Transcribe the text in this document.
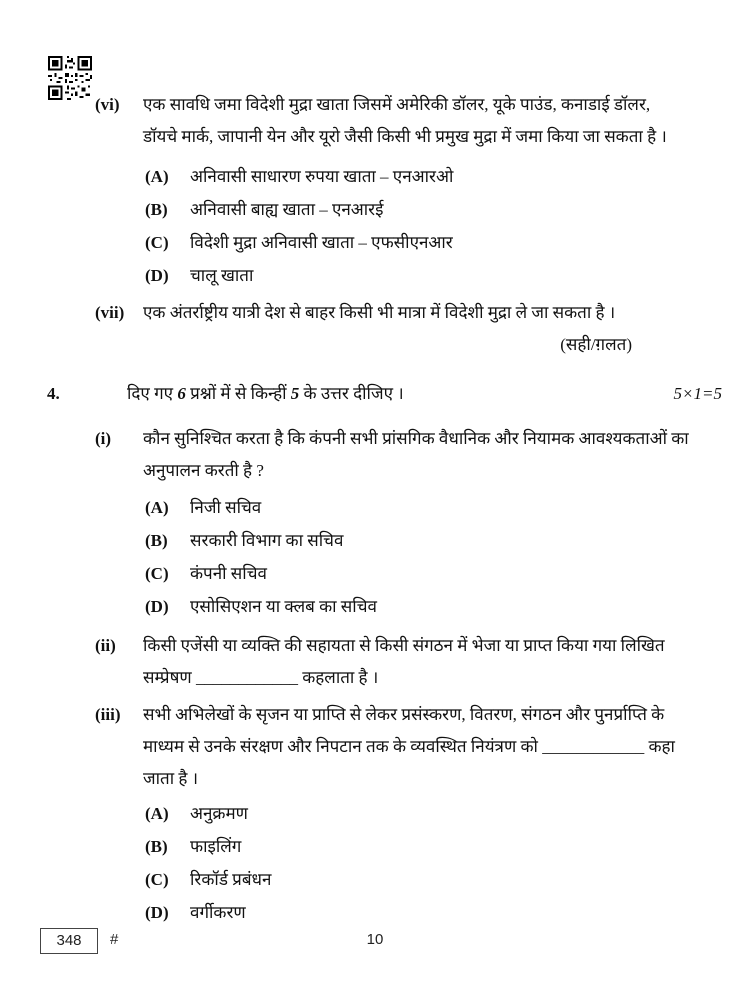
(vi)	एक सावधि जमा विदेशी मुद्रा खाता जिसमें अमेरिकी डॉलर, यूके पाउंड, कनाडाई डॉलर,
डॉयचे मार्क, जापानी येन और यूरो जैसी किसी भी प्रमुख मुद्रा में जमा किया जा सकता है ।
(A)	अनिवासी साधारण रुपया खाता – एनआरओ
(B)	अनिवासी बाह्य खाता – एनआरई
(C)	विदेशी मुद्रा अनिवासी खाता – एफसीएनआर
(D)	चालू खाता
(vii)	एक अंतर्राष्ट्रीय यात्री देश से बाहर किसी भी मात्रा में विदेशी मुद्रा ले जा सकता है ।
(सही/ग़लत)
4.	दिए गए 6 प्रश्नों में से किन्हीं 5 के उत्तर दीजिए ।	5×1=5
(i)	कौन सुनिश्चित करता है कि कंपनी सभी प्रांसगिक वैधानिक और नियामक आवश्यकताओं का
अनुपालन करती है ?
(A)	निजी सचिव
(B)	सरकारी विभाग का सचिव
(C)	कंपनी सचिव
(D)	एसोसिएशन या क्लब का सचिव
(ii)	किसी एजेंसी या व्यक्ति की सहायता से किसी संगठन में भेजा या प्राप्त किया गया लिखित
सम्प्रेषण ____________ कहलाता है ।
(iii)	सभी अभिलेखों के सृजन या प्राप्ति से लेकर प्रसंस्करण, वितरण, संगठन और पुनर्प्राप्ति के
माध्यम से उनके संरक्षण और निपटान तक के व्यवस्थित नियंत्रण को ____________ कहा
जाता है ।
(A)	अनुक्रमण
(B)	फाइलिंग
(C)	रिकॉर्ड प्रबंधन
(D)	वर्गीकरण
348	#	10
